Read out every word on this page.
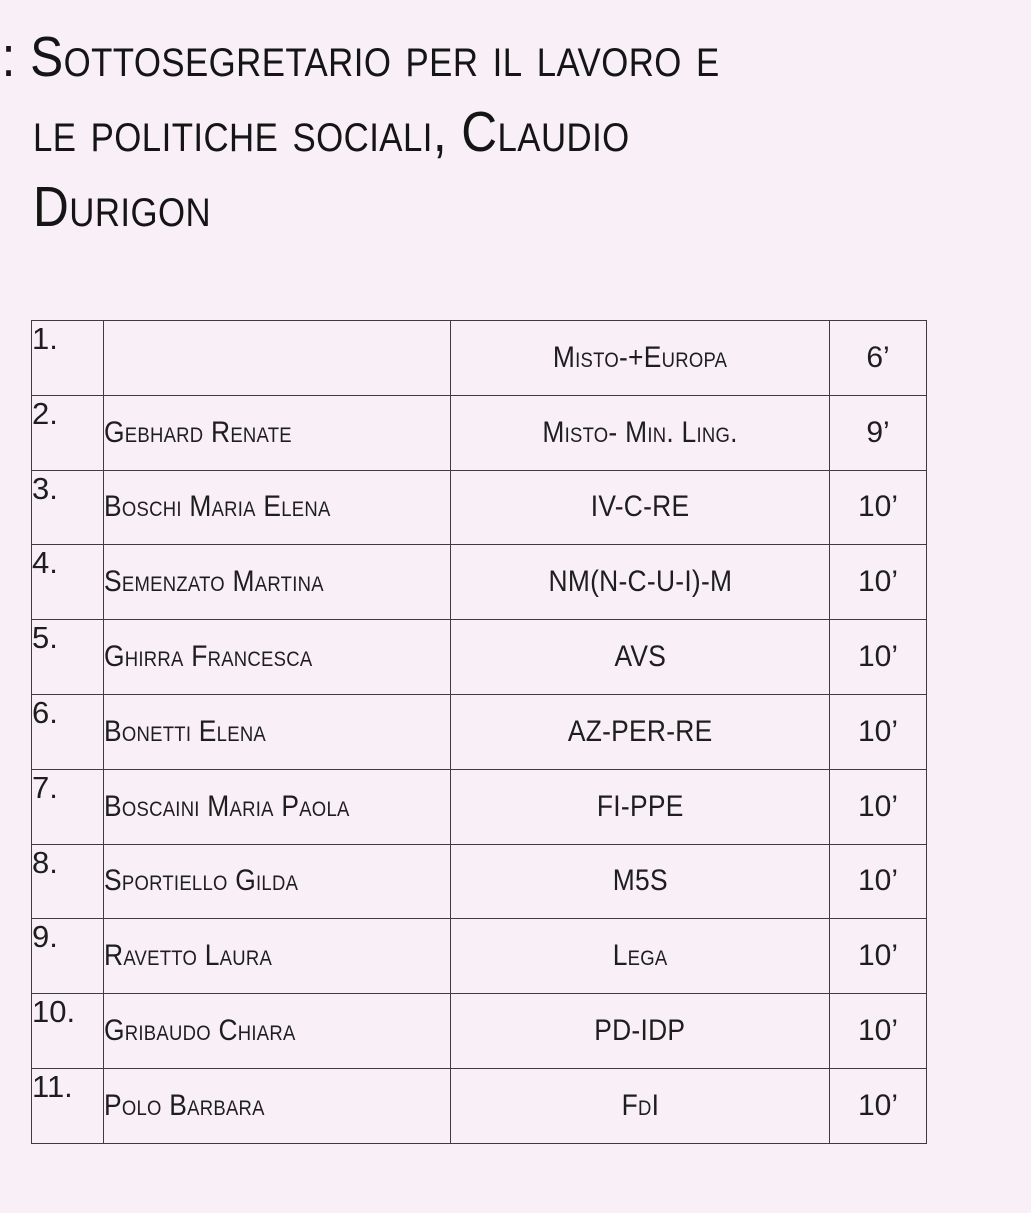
: Sottosegretario per il lavoro e
le politiche sociali, Claudio
Durigon
1.		Misto-+Europa	6’
2.	Gebhard Renate	Misto- Min. Ling.	9’
3.	Boschi Maria Elena	IV-C-RE	10’
4.	Semenzato Martina	NM(N-C-U-I)-M	10’
5.	Ghirra Francesca	AVS	10’
6.	Bonetti Elena	AZ-PER-RE	10’
7.	Boscaini Maria Paola	FI-PPE	10’
8.	Sportiello Gilda	M5S	10’
9.	Ravetto Laura	Lega	10’
10.	Gribaudo Chiara	PD-IDP	10’
11.	Polo Barbara	FdI	10’
